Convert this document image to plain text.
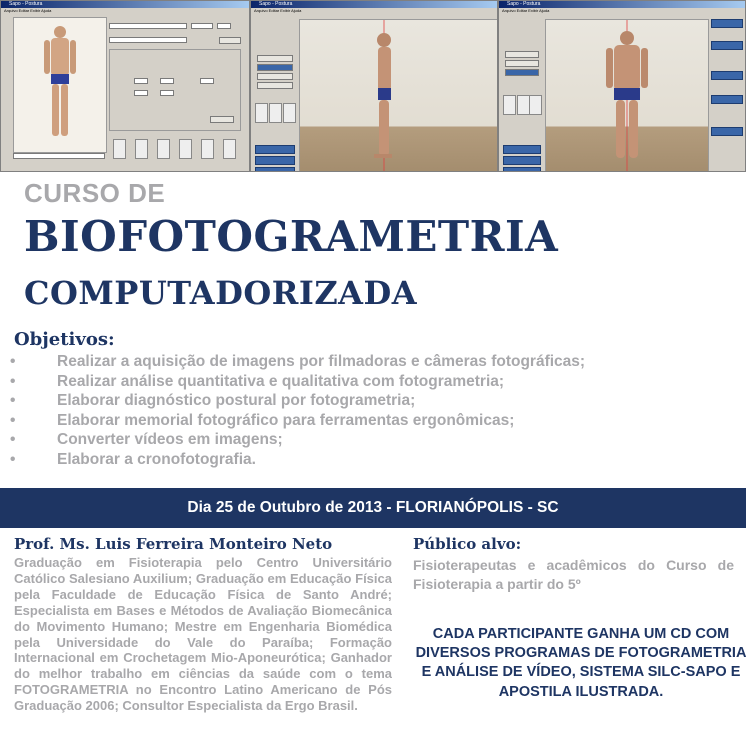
Sapo - Postura
Arquivo Editar Exibir Ajuda
Sapo - Postura
Arquivo Editar Exibir Ajuda
Sapo - Postura
Arquivo Editar Exibir Ajuda
CURSO DE
BIOFOTOGRAMETRIA
COMPUTADORIZADA
Objetivos:
•	Realizar a aquisição de imagens por filmadoras e câmeras fotográficas;
•	Realizar análise quantitativa e qualitativa com fotogrametria;
•	Elaborar diagnóstico postural por fotogrametria;
•	Elaborar memorial fotográfico para ferramentas ergonômicas;
•	Converter vídeos em imagens;
•	Elaborar a cronofotografia.
Dia 25 de Outubro de 2013 - FLORIANÓPOLIS - SC
Prof. Ms. Luis Ferreira Monteiro Neto

Graduação em Fisioterapia pelo Centro Universitário Católico Salesiano Auxilium; Graduação em Educação Física pela Faculdade de Educação Física de Santo André; Especialista em Bases e Métodos de Avaliação Biomecânica do Movimento Humano; Mestre em Engenharia Biomédica pela Universidade do Vale do Paraíba; Formação Internacional em Crochetagem Mio-Aponeurótica; Ganhador do melhor trabalho em ciências da saúde com o tema FOTOGRAMETRIA no Encontro Latino Americano de Pós Graduação 2006; Consultor Especialista da Ergo Brasil.

Público alvo:

Fisioterapeutas e acadêmicos do Curso de Fisioterapia a partir do 5º

CADA PARTICIPANTE GANHA UM CD COM DIVERSOS PROGRAMAS DE FOTOGRAMETRIA E ANÁLISE DE VÍDEO, SISTEMA SILC-SAPO E APOSTILA ILUSTRADA.
